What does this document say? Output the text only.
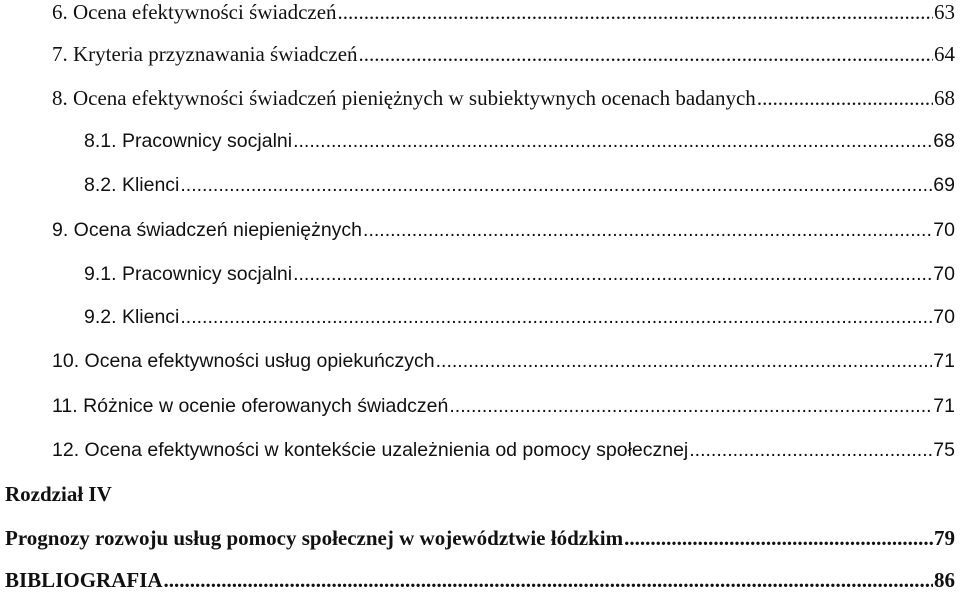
6. Ocena efektywności świadczeń .....	63
7. Kryteria przyznawania świadczeń .....	64
8. Ocena efektywności świadczeń pieniężnych w subiektywnych ocenach badanych .....	68
8.1. Pracownicy socjalni .....	68
8.2. Klienci .....	69
9. Ocena świadczeń niepieniężnych .....	70
9.1. Pracownicy socjalni .....	70
9.2. Klienci .....	70
10. Ocena efektywności usług opiekuńczych .....	71
11. Różnice w ocenie oferowanych świadczeń .....	71
12. Ocena efektywności w kontekście uzależnienia od pomocy społecznej .....	75
Rozdział IV
Prognozy rozwoju usług pomocy społecznej w województwie łódzkim .....	79
BIBLIOGRAFIA .....	86
